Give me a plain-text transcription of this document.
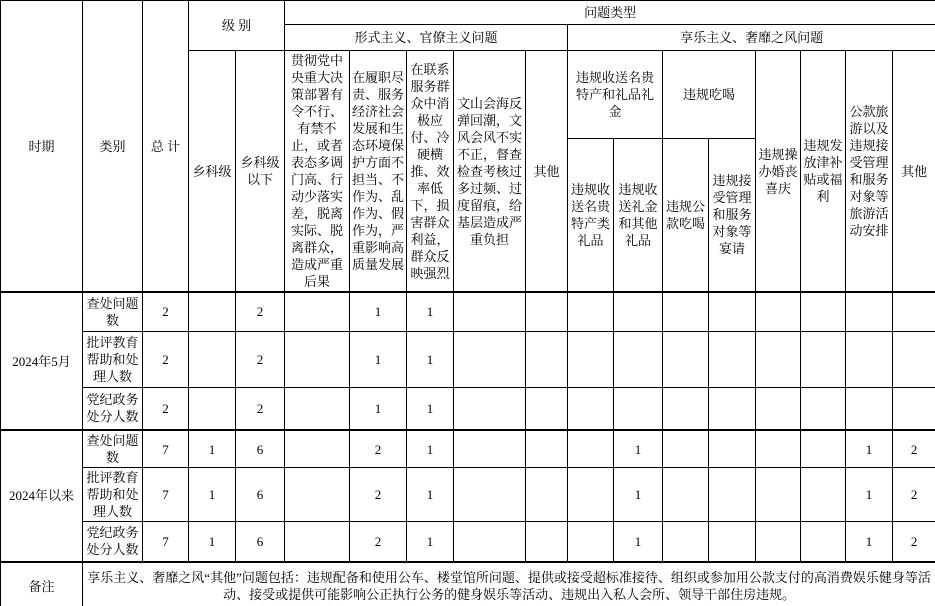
时期	类别	总 计	级 别		问题类型												
					形式主义、官僚主义问题					享乐主义、奢靡之风问题							
			乡科级	乡科级以下	贯彻党中央重大决策部署有令不行、有禁不止，或者表态多调门高、行动少落实差，脱离实际、脱离群众，造成严重后果	在履职尽责、服务经济社会发展和生态环境保护方面不担当、不作为、乱作为、假作为，严重影响高质量发展	在联系服务群众中消极应付、冷硬横推、效率低下，损害群众利益，群众反映强烈	文山会海反弹回潮，文风会风不实不正，督查检查考核过多过频、过度留痕，给基层造成严重负担	其他	违规收送名贵特产和礼品礼金		违规吃喝		违规操办婚丧喜庆	违规发放津补贴或福利	公款旅游以及违规接受管理和服务对象等旅游活动安排	其他
										违规收送名贵特产类礼品	违规收送礼金和其他礼品	违规公款吃喝	违规接受管理和服务对象等宴请				
2024年5月	查处问题数	2		2		1	1										
	批评教育帮助和处理人数	2		2		1	1										
	党纪政务处分人数	2		2		1	1										
2024年以来	查处问题数	7	1	6		2	1				1					1	2
	批评教育帮助和处理人数	7	1	6		2	1				1					1	2
	党纪政务处分人数	7	1	6		2	1				1					1	2
备注	享乐主义、奢靡之风“其他”问题包括：违规配备和使用公车、楼堂馆所问题、提供或接受超标准接待、组织或参加用公款支付的高消费娱乐健身等活动、接受或提供可能影响公正执行公务的健身娱乐等活动、违规出入私人会所、领导干部住房违规。																
